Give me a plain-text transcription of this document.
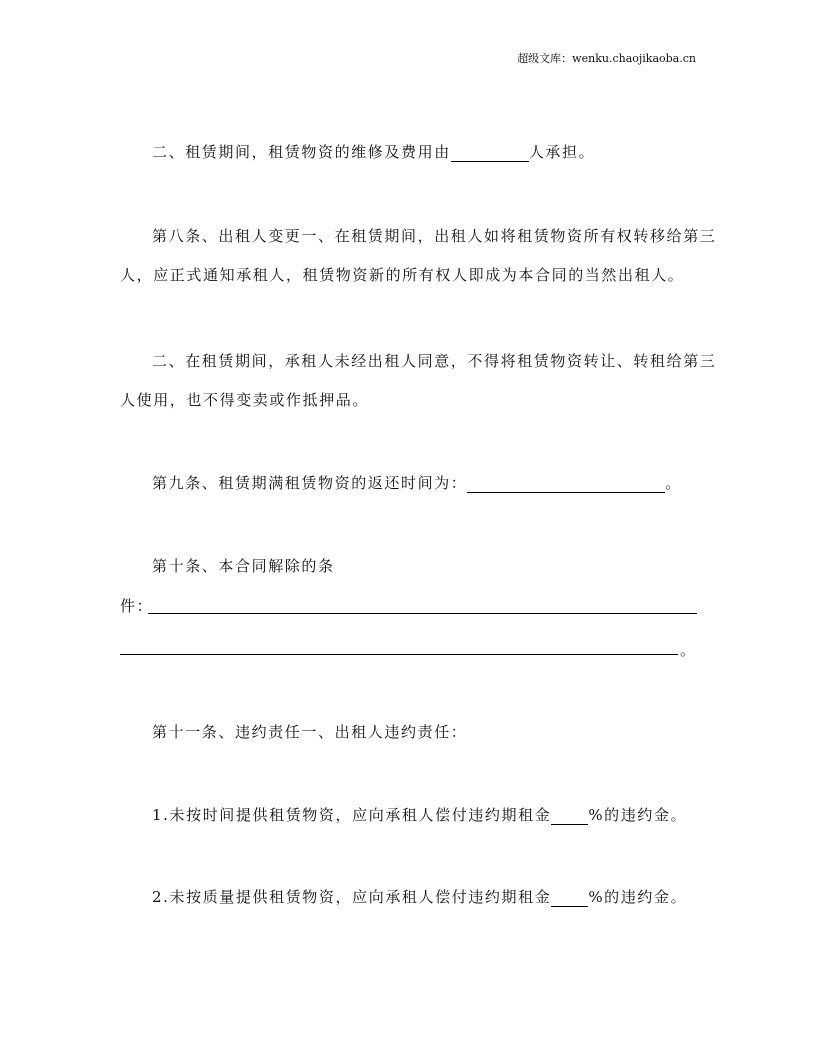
超级文库：wenku.chaojikaoba.cn
二、租赁期间，租赁物资的维修及费用由	人承担。
第八条、出租人变更一、在租赁期间，出租人如将租赁物资所有权转移给第三
人，应正式通知承租人，租赁物资新的所有权人即成为本合同的当然出租人。
二、在租赁期间，承租人未经出租人同意，不得将租赁物资转让、转租给第三
人使用，也不得变卖或作抵押品。
第九条、租赁期满租赁物资的返还时间为：	。
第十条、本合同解除的条
件：
。
第十一条、违约责任一、出租人违约责任：
1.未按时间提供租赁物资，应向承租人偿付违约期租金 %的违约金。
2.未按质量提供租赁物资，应向承租人偿付违约期租金 %的违约金。
